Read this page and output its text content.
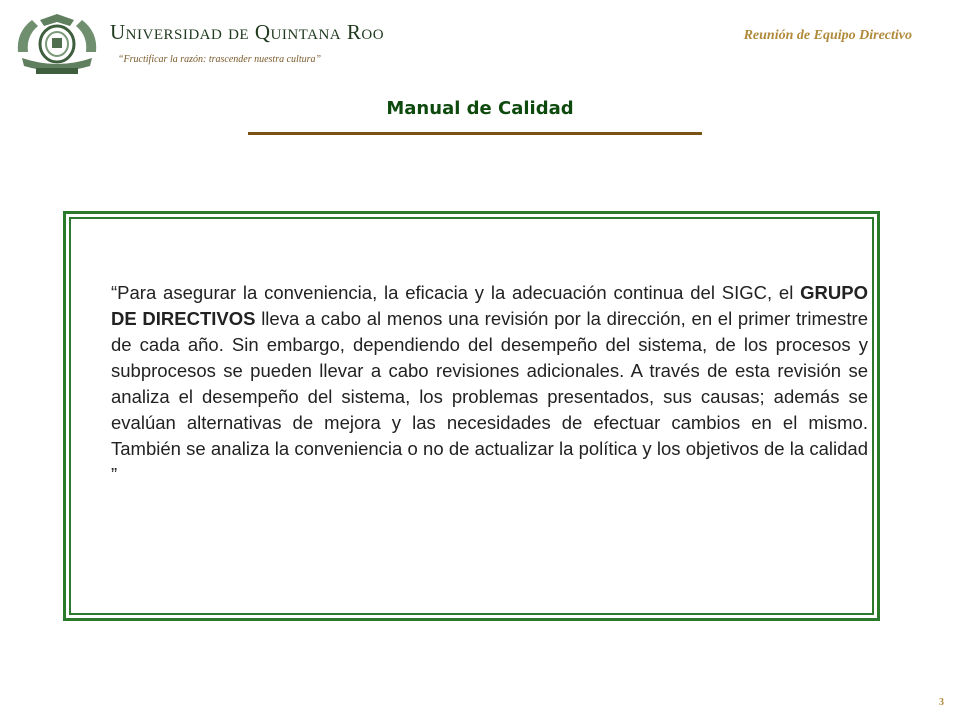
Universidad de Quintana Roo
“Fructificar la razón: trascender nuestra cultura”
Reunión de Equipo Directivo
Manual de Calidad

“Para asegurar la conveniencia, la eficacia y la adecuación continua del SIGC, el GRUPO DE DIRECTIVOS lleva a cabo al menos una revisión por la dirección, en el primer trimestre de cada año. Sin embargo, dependiendo del desempeño del sistema, de los procesos y subprocesos se pueden llevar a cabo revisiones adicionales. A través de esta revisión se analiza el desempeño del sistema, los problemas presentados, sus causas; además se evalúan alternativas de mejora y las necesidades de efectuar cambios en el mismo. También se analiza la conveniencia o no de actualizar la política y los objetivos de la calidad ”

3
